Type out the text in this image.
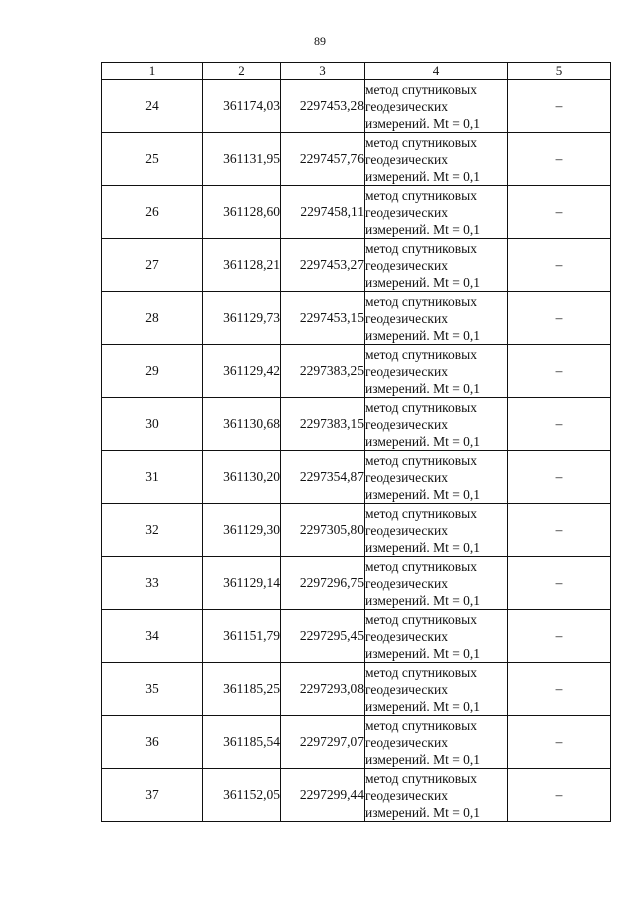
89
1	2	3	4	5
24	361174,03	2297453,28	метод спутниковых
геодезических
измерений. Mt = 0,1	–
25	361131,95	2297457,76	метод спутниковых
геодезических
измерений. Mt = 0,1	–
26	361128,60	2297458,11	метод спутниковых
геодезических
измерений. Mt = 0,1	–
27	361128,21	2297453,27	метод спутниковых
геодезических
измерений. Mt = 0,1	–
28	361129,73	2297453,15	метод спутниковых
геодезических
измерений. Mt = 0,1	–
29	361129,42	2297383,25	метод спутниковых
геодезических
измерений. Mt = 0,1	–
30	361130,68	2297383,15	метод спутниковых
геодезических
измерений. Mt = 0,1	–
31	361130,20	2297354,87	метод спутниковых
геодезических
измерений. Mt = 0,1	–
32	361129,30	2297305,80	метод спутниковых
геодезических
измерений. Mt = 0,1	–
33	361129,14	2297296,75	метод спутниковых
геодезических
измерений. Mt = 0,1	–
34	361151,79	2297295,45	метод спутниковых
геодезических
измерений. Mt = 0,1	–
35	361185,25	2297293,08	метод спутниковых
геодезических
измерений. Mt = 0,1	–
36	361185,54	2297297,07	метод спутниковых
геодезических
измерений. Mt = 0,1	–
37	361152,05	2297299,44	метод спутниковых
геодезических
измерений. Mt = 0,1	–
